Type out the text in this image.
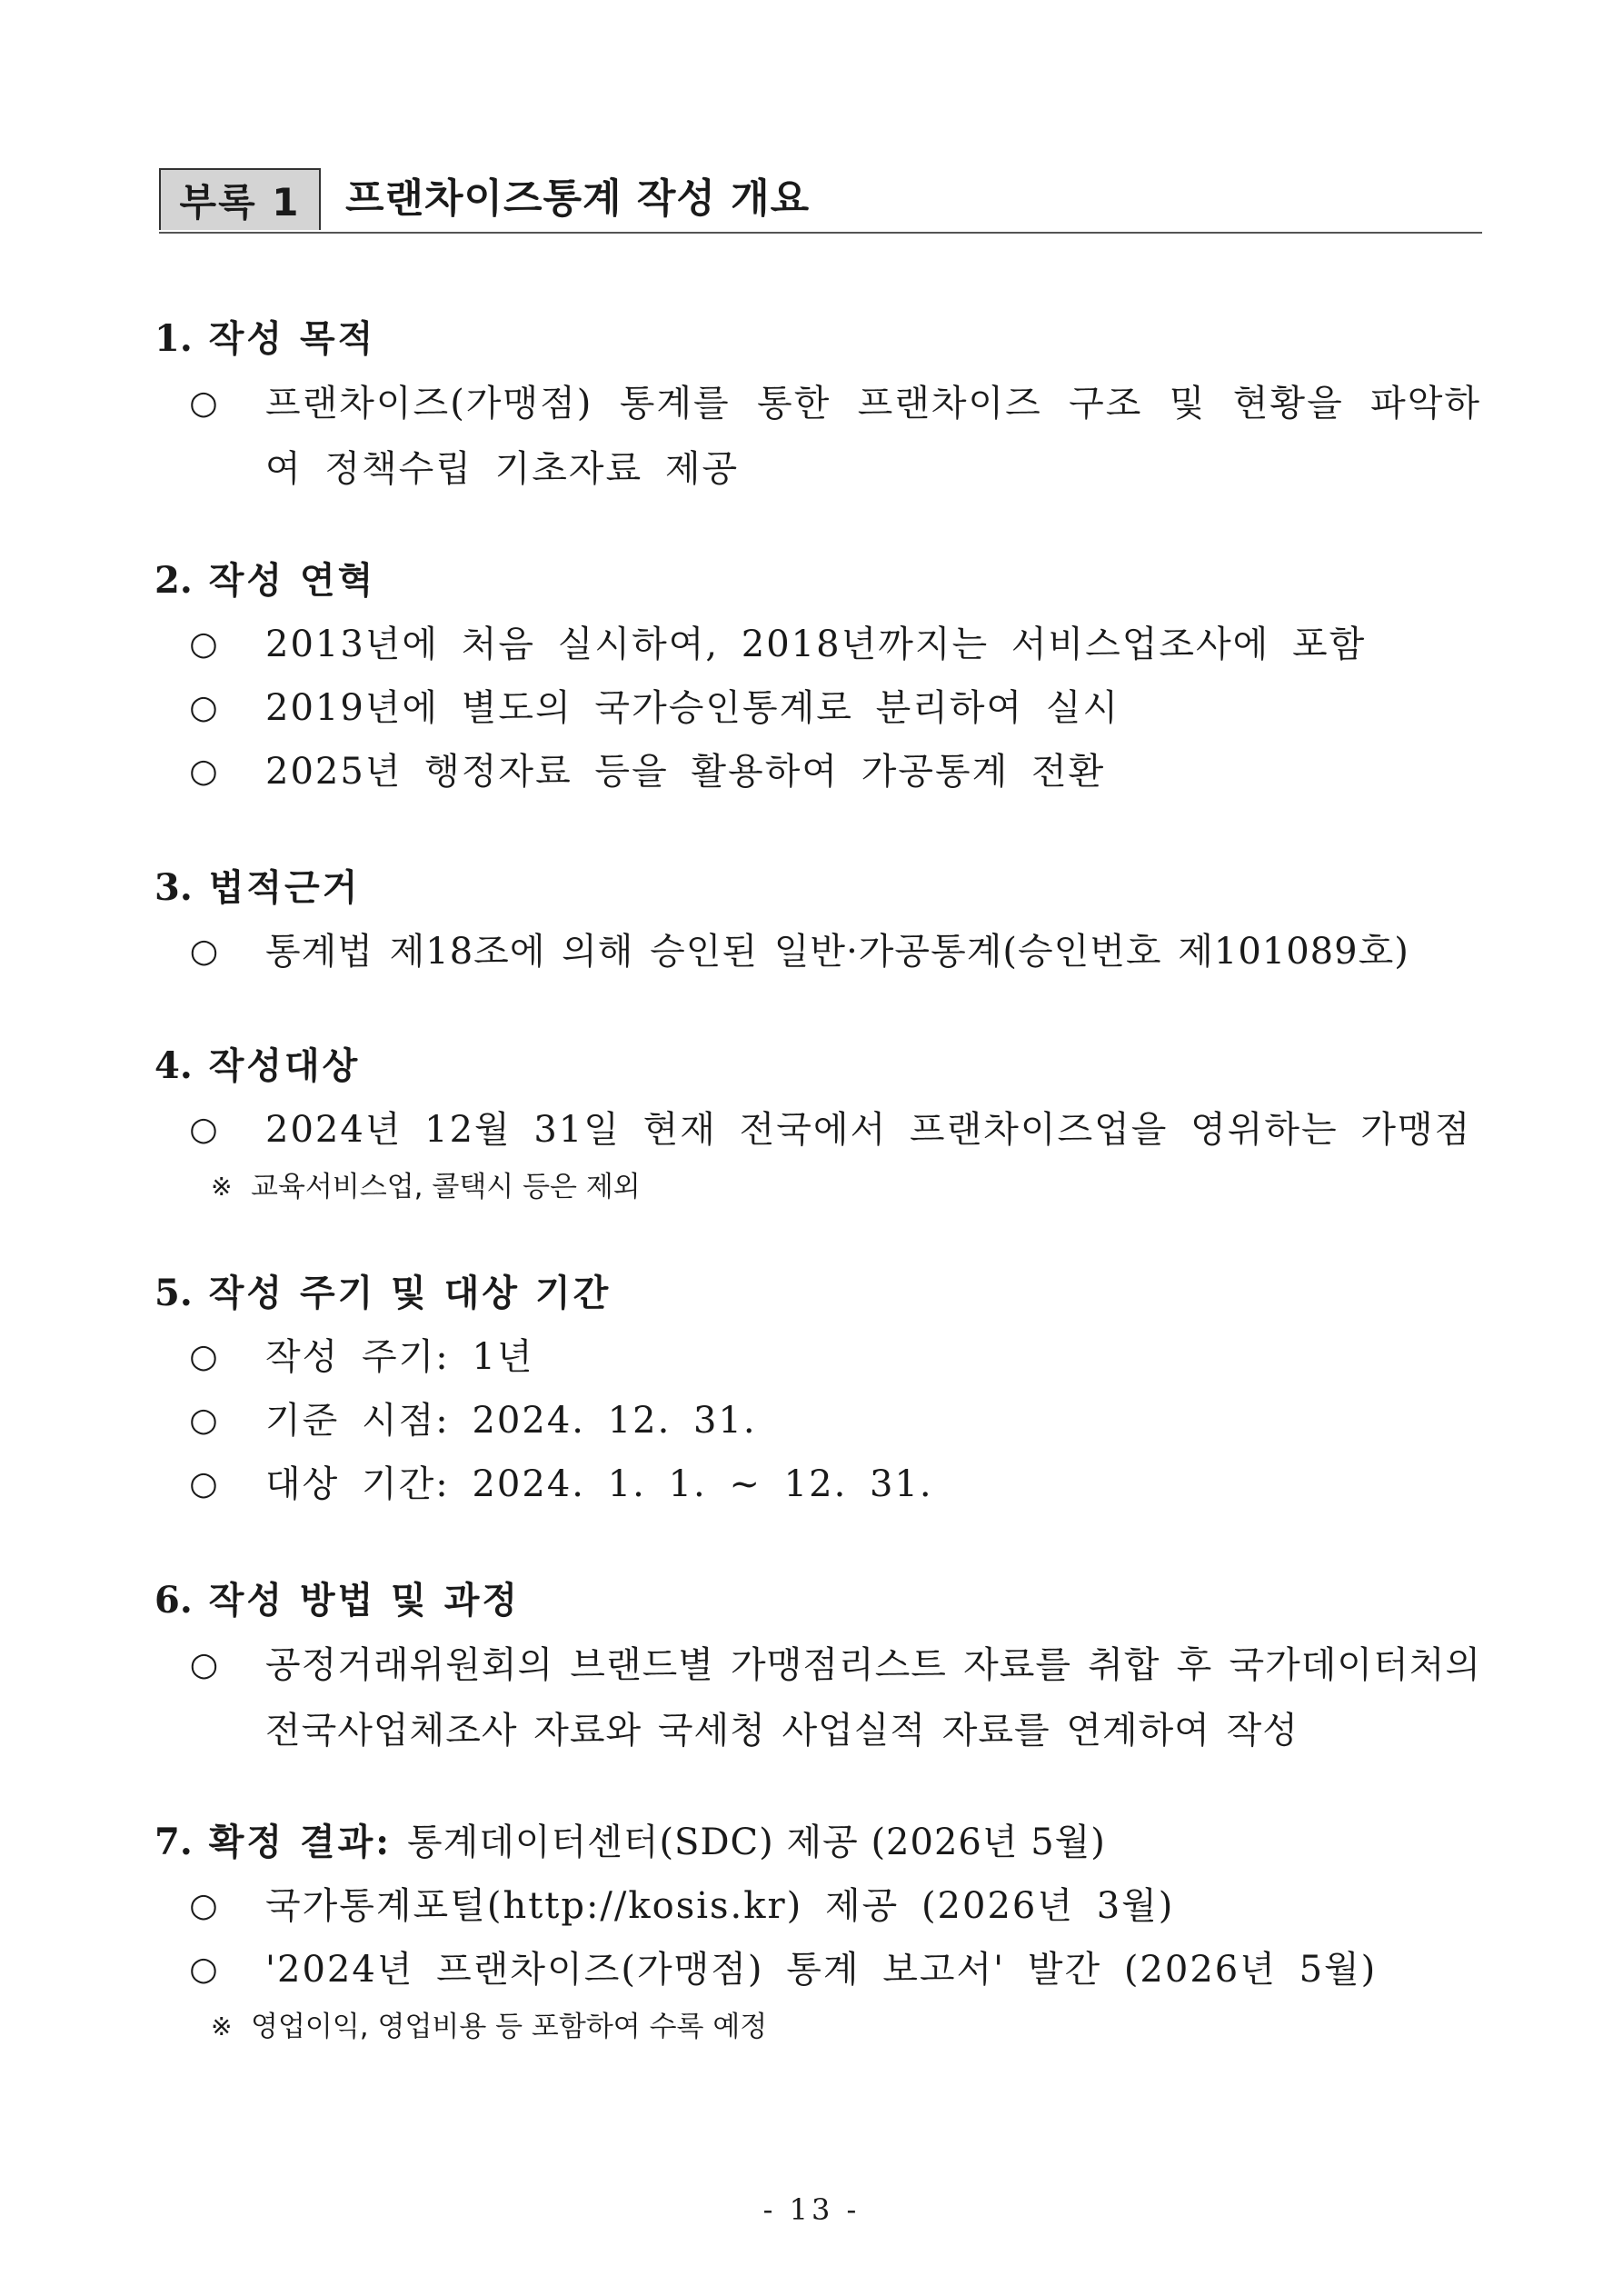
부록 1	프랜차이즈통계 작성 개요
1. 작성 목적
○ 프랜차이즈(가맹점) 통계를 통한 프랜차이즈 구조 및 현황을 파악하여 정책수립 기초자료 제공
2. 작성 연혁
○ 2013년에 처음 실시하여, 2018년까지는 서비스업조사에 포함
○ 2019년에 별도의 국가승인통계로 분리하여 실시
○ 2025년 행정자료 등을 활용하여 가공통계 전환
3. 법적근거
○ 통계법 제18조에 의해 승인된 일반·가공통계(승인번호 제101089호)
4. 작성대상
○ 2024년 12월 31일 현재 전국에서 프랜차이즈업을 영위하는 가맹점
※ 교육서비스업, 콜택시 등은 제외
5. 작성 주기 및 대상 기간
○ 작성 주기: 1년
○ 기준 시점: 2024. 12. 31.
○ 대상 기간: 2024. 1. 1. ~ 12. 31.
6. 작성 방법 및 과정
○ 공정거래위원회의 브랜드별 가맹점리스트 자료를 취합 후 국가데이터처의 전국사업체조사 자료와 국세청 사업실적 자료를 연계하여 작성
7. 확정 결과: 통계데이터센터(SDC) 제공 (2026년 5월)
○ 국가통계포털(http://kosis.kr) 제공 (2026년 3월)
○ '2024년 프랜차이즈(가맹점) 통계 보고서' 발간 (2026년 5월)
※ 영업이익, 영업비용 등 포함하여 수록 예정
- 13 -
